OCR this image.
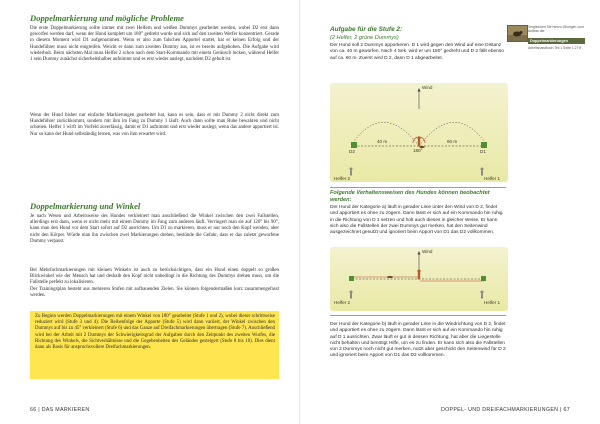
Doppelmarkierung und mögliche Probleme

Die erste Doppelmarkierung sollte immer mit zwei Helfern und weißen Dummys gearbeitet werden, wobei D2 erst dann geworfen werden darf, wenn der Hund komplett um 180° gedreht wurde und sich auf den zweiten Werfer konzentriert. Gerade in diesem Moment wird D1 aufgenommen. Wenn er also zum falschen Apportel startet, hat er keinen Erfolg und der Hundeführer muss nicht eingreifen. Weicht er dann zum zweiten Dummy aus, ist es bereits aufgehoben. Die Aufgabe wird wiederholt. Beim nächsten Mal muss Helfer 2 schon nach dem Start-Kommando mit einem Geräusch locken, während Helfer 1 sein Dummy zunächst sicherheitshalber aufnimmt und es erst wieder auslegt, nachdem D2 geholt ist.

Wenn der Hund bisher nur einfache Markierungen gearbeitet hat, kann es sein, dass er mit Dummy 2 nicht direkt zum Hundeführer zurückkommt, sondern mit ihm im Fang zu Dummy 1 läuft. Auch dann sollte man Ruhe bewahren und nicht schreien. Helfer 1 wirft im Vorfeld zuverlässig, damit er D1 aufnimmt und erst wieder auslegt, wenn das andere apportiert ist. Nur so kann der Hund selbständig lernen, was von ihm erwartet wird.

Doppelmarkierung und Winkel

Je nach Wesen und Arbeitsweise des Hundes verkleinert man anschließend die Winkel zwischen den zwei Fallstellen, allerdings erst dann, wenn er nicht mehr mit einem Dummy im Fang zum anderen läuft. Verringert man sie auf 120° bis 90°, kann man den Hund vor dem Start sofort auf D2 ausrichten. Um D1 zu markieren, muss er nur noch den Kopf wenden, aber nicht den Körper. Würde man ihn zwischen zwei Markierungen drehen, bestünde die Gefahr, dass er das zuletzt geworfene Dummy verpasst.

Bei Mehrfachmarkierungen mit kleinen Winkeln ist auch zu berücksichtigen, dass ein Hund einen doppelt so großen Blickwinkel wie der Mensch hat und deshalb den Kopf nicht unbedingt in die Richtung des Dummys drehen muss, um die Fallstelle perfekt zu lokalisieren.

Der Trainingsplan besteht aus mehreren Stufen mit aufbauenden Zielen. Sie können folgendermaßen kurz zusammengefasst werden.

Zu Beginn werden Doppelmarkierungen mit einem Winkel von 180° gearbeitet (Stufe 1 und 2), wobei dieser schrittweise reduziert wird (Stufe 3 und 4). Die Reihenfolge der Apporte (Stufe 5) wird dann variiert, der Winkel zwischen den Dummys auf bis zu 45° verkleinert (Stufe 6) und das Ganze auf Dreifachmarkierungen übertragen (Stufe 7). Anschließend wird bei der Arbeit mit 2 Dummys der Schwierigkeitsgrad der Aufgaben durch den Zeitpunkt des zweiten Wurfes, die Richtung des Winkels, die Sichtverhältnisse und die Gegebenheiten des Geländes gesteigert (Stufe 8 bis 10). Dies dient dann als Basis für anspruchsvollere Dreifachmarkierungen.

66 | DAS MARKIEREN
Aufgabe für die Stufe 2:

(2 Helfer, 2 grüne Dummys)

Der Hund soll 2 Dummys apportieren. D 1 wird gegen den Wind auf eine Distanz von ca. 40 m geworfen. Nach 4 Sek. wird er um 180° gedreht und D 2 fällt ebenso auf ca. 60 m. Zuerst wird D 2, dann D 1 abgearbeitet.

Vergleichen Sie hierzu Übungen zum Aufbau der
Doppelmarkierungen
Arbeitshandbuch Teil 1 Seite 1.27 ff
Wind
40 m
180°
60 m
D2	D1
Helfer 2	Helfer 1
Folgende Verhaltensweisen des Hundes können beobachtet werden:

Der Hund der Kategorie a) läuft in gerader Linie unter den Wind von D 2, findet und apportiert es ohne zu zögern. Dann lässt er sich auf ein Kommando hin ruhig in die Richtung von D 1 setzen und holt auch dieses in gleicher Weise. Er kann sich also die Fallstellen der zwei Dummys gut merken, hat den Seitenwind ausgezeichnet genutzt und ignoriert beim Apport von D1 das D2 vollkommen.

Wind
Helfer 2	Helfer 1

Der Hund der Kategorie b) läuft in gerader Linie in die Windrichtung von D 2, findet und apportiert es ohne zu zögern. Dann lässt er sich auf ein Kommando hin ruhig auf D 1 ausrichten. Zwar läuft er gut in dessen Richtung, hat aber die Liegestelle nicht behalten und benötigt Hilfe, um es zu finden. Er kann sich also die Fallstellen von 2 Dummys noch nicht gut merken, nutzt aber geschickt den Seitenwind für D 2 und ignoriert beim Apport von D1 das D2 vollkommen.

DOPPEL- UND DREIFACHMARKIERUNGEN | 67
